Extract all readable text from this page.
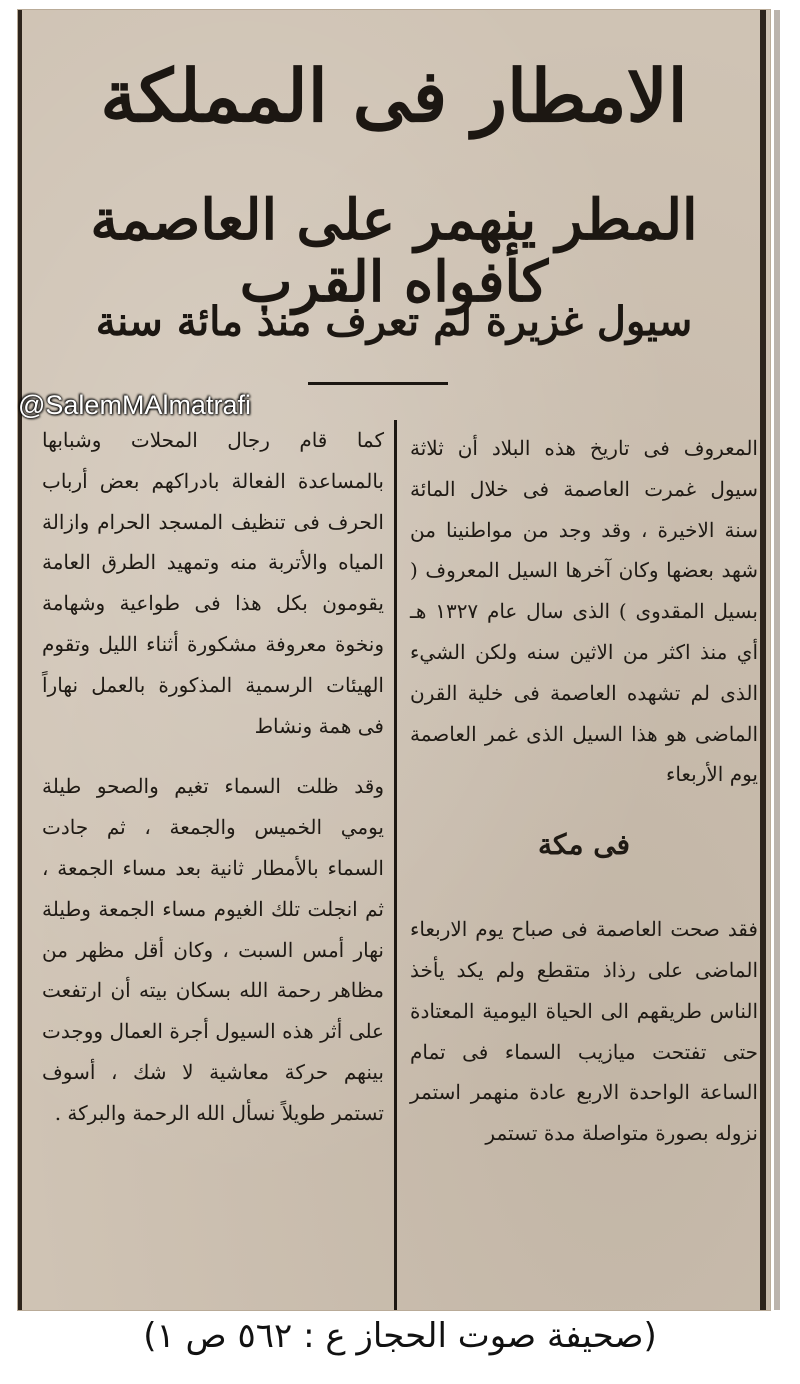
الامطار فى المملكة
المطر ينهمر على العاصمة كأفواه القرب
سيول غزيرة لم تعرف منذ مائة سنة

المعروف فى تاريخ هذه البلاد أن ثلاثة سيول غمرت العاصمة فى خلال المائة سنة الاخيرة ، وقد وجد من مواطنينا من شهد بعضها وكان آخرها السيل المعروف ( بسيل المقدوى ) الذى سال عام ١٣٢٧ هـ أي منذ اكثر من الاثين سنه ولكن الشيء الذى لم تشهده العاصمة فى خلية القرن الماضى هو هذا السيل الذى غمر العاصمة يوم الأربعاء

فى مكة

فقد صحت العاصمة فى صباح يوم الاربعاء الماضى على رذاذ متقطع ولم يكد يأخذ الناس طريقهم الى الحياة اليومية المعتادة حتى تفتحت ميازيب السماء فى تمام الساعة الواحدة الاربع عادة منهمر استمر نزوله بصورة متواصلة مدة تستمر

كما قام رجال المحلات وشبابها بالمساعدة الفعالة بادراكهم بعض أرباب الحرف فى تنظيف المسجد الحرام وازالة المياه والأتربة منه وتمهيد الطرق العامة يقومون بكل هذا فى طواعية وشهامة ونخوة معروفة مشكورة أثناء الليل وتقوم الهيئات الرسمية المذكورة بالعمل نهاراً فى همة ونشاط

وقد ظلت السماء تغيم والصحو طيلة يومي الخميس والجمعة ، ثم جادت السماء بالأمطار ثانية بعد مساء الجمعة ، ثم انجلت تلك الغيوم مساء الجمعة وطيلة نهار أمس السبت ، وكان أقل مظهر من مظاهر رحمة الله بسكان بيته أن ارتفعت على أثر هذه السيول أجرة العمال ووجدت بينهم حركة معاشية لا شك ، أسوف تستمر طويلاً نسأل الله الرحمة والبركة .

@SalemMAlmatrafi
(صحيفة صوت الحجاز ع : ٥٦٢ ص ١)
